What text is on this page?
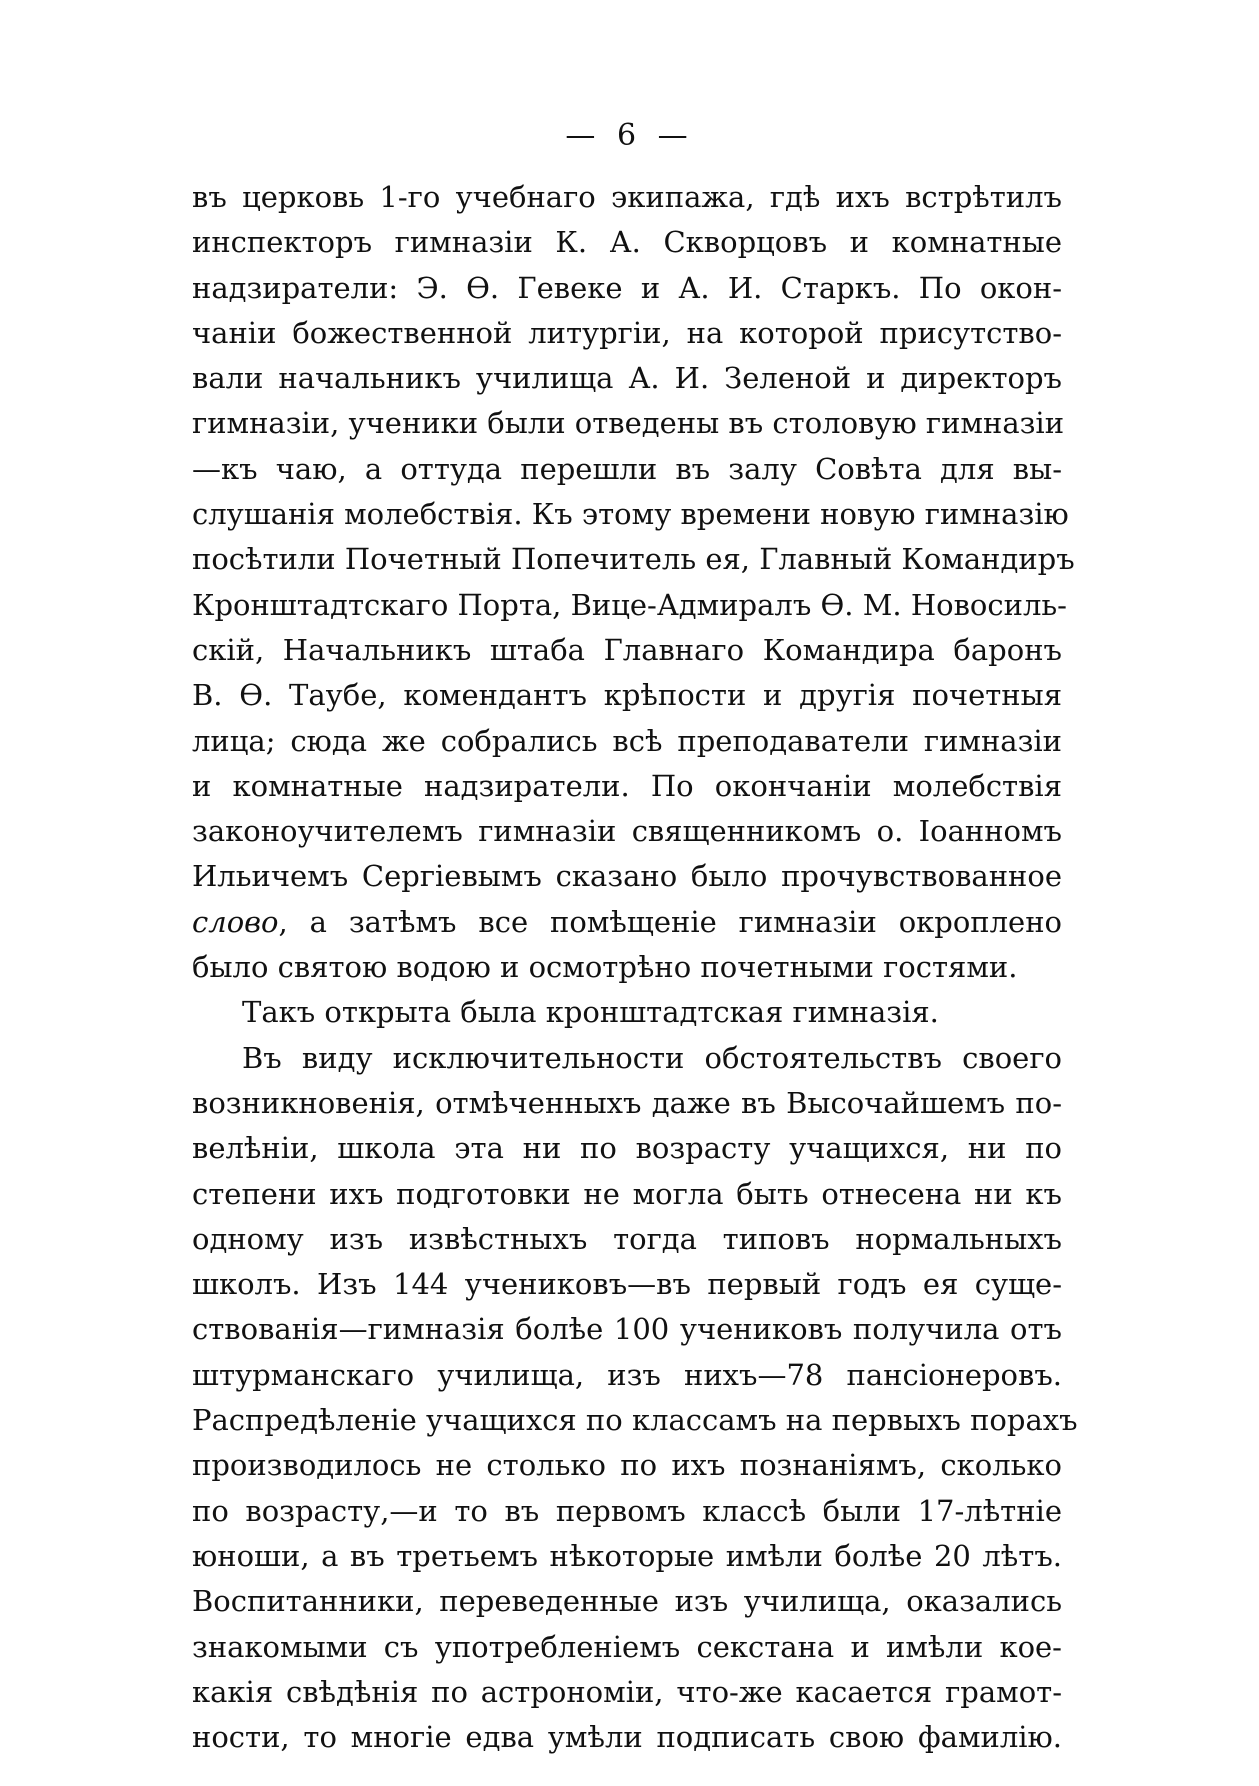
— 6 —
въ церковь 1-го учебнаго экипажа, гдѣ ихъ встрѣтилъ
инспекторъ гимназіи К. А. Скворцовъ и комнатные
надзиратели: Э. Ѳ. Гевеке и А. И. Старкъ. По окон-
чаніи божественной литургіи, на которой присутство-
вали начальникъ училища А. И. Зеленой и директоръ
гимназіи, ученики были отведены въ столовую гимназіи
—къ чаю, а оттуда перешли въ залу Совѣта для вы-
слушанія молебствія. Къ этому времени новую гимназію
посѣтили Почетный Попечитель ея, Главный Командиръ
Кронштадтскаго Порта, Вице-Адмиралъ Ѳ. М. Новосиль-
скій, Начальникъ штаба Главнаго Командира баронъ
В. Ѳ. Таубе, комендантъ крѣпости и другія почетныя
лица; сюда же собрались всѣ преподаватели гимназіи
и комнатные надзиратели. По окончаніи молебствія
законоучителемъ гимназіи священникомъ о. Іоанномъ
Ильичемъ Сергіевымъ сказано было прочувствованное
слово, а затѣмъ все помѣщеніе гимназіи окроплено
было святою водою и осмотрѣно почетными гостями.
Такъ открыта была кронштадтская гимназія.
Въ виду исключительности обстоятельствъ своего
возникновенія, отмѣченныхъ даже въ Высочайшемъ по-
велѣніи, школа эта ни по возрасту учащихся, ни по
степени ихъ подготовки не могла быть отнесена ни къ
одному изъ извѣстныхъ тогда типовъ нормальныхъ
школъ. Изъ 144 учениковъ—въ первый годъ ея суще-
ствованія—гимназія болѣе 100 учениковъ получила отъ
штурманскаго училища, изъ нихъ—78 пансіонеровъ.
Распредѣленіе учащихся по классамъ на первыхъ порахъ
производилось не столько по ихъ познаніямъ, сколько
по возрасту,—и то въ первомъ классѣ были 17-лѣтніе
юноши, а въ третьемъ нѣкоторые имѣли болѣе 20 лѣтъ.
Воспитанники, переведенные изъ училища, оказались
знакомыми съ употребленіемъ секстана и имѣли кое-
какія свѣдѣнія по астрономіи, что-же касается грамот-
ности, то многіе едва умѣли подписать свою фамилію.
